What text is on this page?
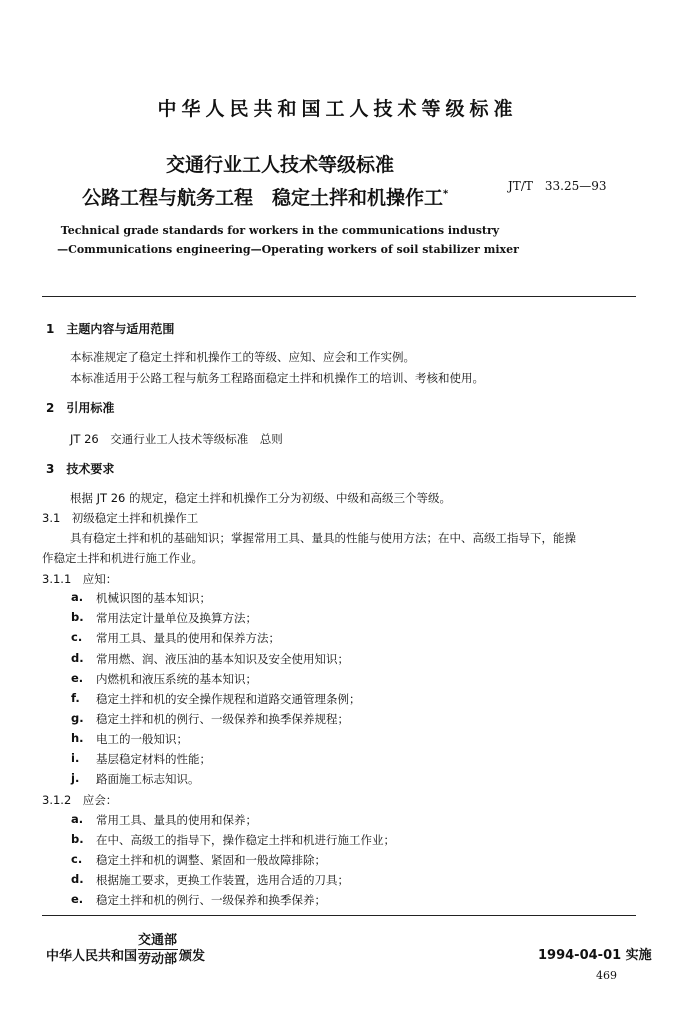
中华人民共和国工人技术等级标准
交通行业工人技术等级标准
公路工程与航务工程　稳定土拌和机操作工*
JT/T　33.25—93
Technical grade standards for workers in the communications industry
—Communications engineering—Operating workers of soil stabilizer mixer
1　主题内容与适用范围
本标准规定了稳定土拌和机操作工的等级、应知、应会和工作实例。
本标准适用于公路工程与航务工程路面稳定土拌和机操作工的培训、考核和使用。
2　引用标准
JT 26　交通行业工人技术等级标准　总则
3　技术要求
根据 JT 26 的规定，稳定土拌和机操作工分为初级、中级和高级三个等级。
3.1　初级稳定土拌和机操作工
具有稳定土拌和机的基础知识；掌握常用工具、量具的性能与使用方法；在中、高级工指导下，能操
作稳定土拌和机进行施工作业。
3.1.1　应知：
a. 机械识图的基本知识；
b. 常用法定计量单位及换算方法；
c. 常用工具、量具的使用和保养方法；
d. 常用燃、润、液压油的基本知识及安全使用知识；
e. 内燃机和液压系统的基本知识；
f. 稳定土拌和机的安全操作规程和道路交通管理条例；
g. 稳定土拌和机的例行、一级保养和换季保养规程；
h. 电工的一般知识；
i. 基层稳定材料的性能；
j. 路面施工标志知识。
3.1.2　应会：
a. 常用工具、量具的使用和保养；
b. 在中、高级工的指导下，操作稳定土拌和机进行施工作业；
c. 稳定土拌和机的调整、紧固和一般故障排除；
d. 根据施工要求，更换工作装置，选用合适的刀具；
e. 稳定土拌和机的例行、一级保养和换季保养；
中华人民共和国
交通部
劳动部 颁发	1994-04-01 实施
469
